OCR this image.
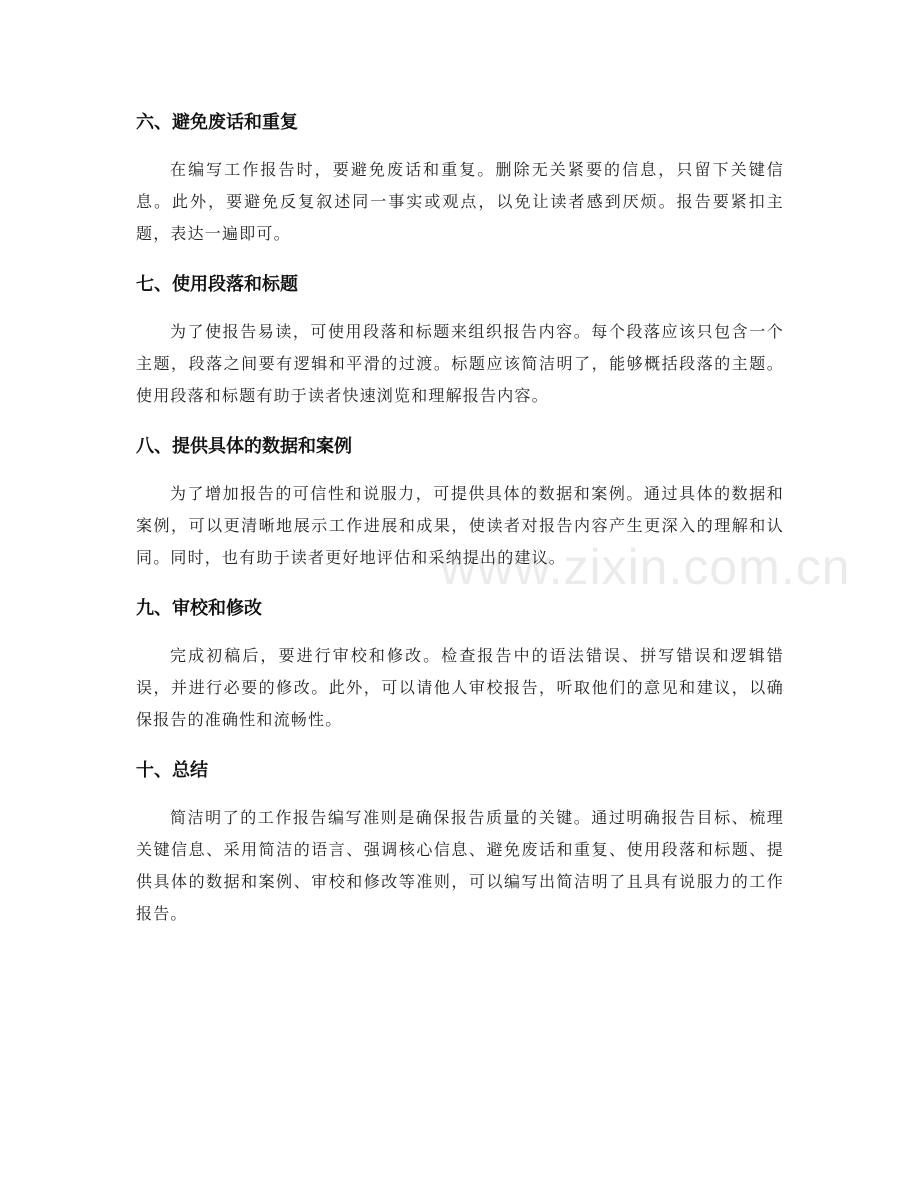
六、避免废话和重复

在编写工作报告时，要避免废话和重复。删除无关紧要的信息，只留下关键信息。此外，要避免反复叙述同一事实或观点，以免让读者感到厌烦。报告要紧扣主题，表达一遍即可。

七、使用段落和标题

为了使报告易读，可使用段落和标题来组织报告内容。每个段落应该只包含一个主题，段落之间要有逻辑和平滑的过渡。标题应该简洁明了，能够概括段落的主题。使用段落和标题有助于读者快速浏览和理解报告内容。

八、提供具体的数据和案例

为了增加报告的可信性和说服力，可提供具体的数据和案例。通过具体的数据和案例，可以更清晰地展示工作进展和成果，使读者对报告内容产生更深入的理解和认同。同时，也有助于读者更好地评估和采纳提出的建议。

九、审校和修改

完成初稿后，要进行审校和修改。检查报告中的语法错误、拼写错误和逻辑错误，并进行必要的修改。此外，可以请他人审校报告，听取他们的意见和建议，以确保报告的准确性和流畅性。

十、总结

简洁明了的工作报告编写准则是确保报告质量的关键。通过明确报告目标、梳理关键信息、采用简洁的语言、强调核心信息、避免废话和重复、使用段落和标题、提供具体的数据和案例、审校和修改等准则，可以编写出简洁明了且具有说服力的工作报告。

www.zixin.com.cn
